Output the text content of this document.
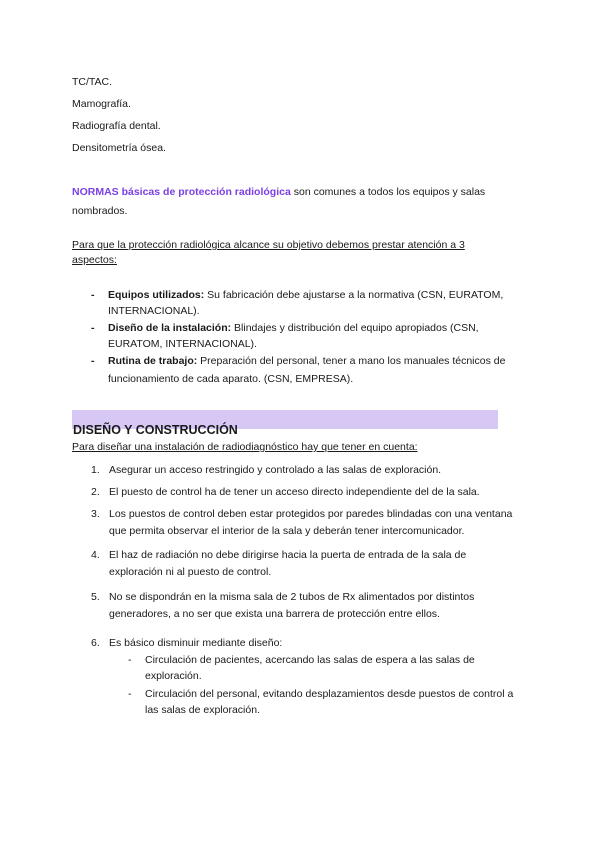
TC/TAC.

Mamografía.

Radiografía dental.

Densitometría ósea.

NORMAS básicas de protección radiológica son comunes a todos los equipos y salas

nombrados.

Para que la protección radiológica alcance su objetivo debemos prestar atención a 3

aspectos:

- Equipos utilizados: Su fabricación debe ajustarse a la normativa (CSN, EURATOM,

INTERNACIONAL).

- Diseño de la instalación: Blindajes y distribución del equipo apropiados (CSN,

EURATOM, INTERNACIONAL).

- Rutina de trabajo: Preparación del personal, tener a mano los manuales técnicos de

funcionamiento de cada aparato. (CSN, EMPRESA).

DISEÑO Y CONSTRUCCIÓN

Para diseñar una instalación de radiodiagnóstico hay que tener en cuenta:

1. Asegurar un acceso restringido y controlado a las salas de exploración.

2. El puesto de control ha de tener un acceso directo independiente del de la sala.

3. Los puestos de control deben estar protegidos por paredes blindadas con una ventana

que permita observar el interior de la sala y deberán tener intercomunicador.

4. El haz de radiación no debe dirigirse hacia la puerta de entrada de la sala de

exploración ni al puesto de control.

5. No se dispondrán en la misma sala de 2 tubos de Rx alimentados por distintos

generadores, a no ser que exista una barrera de protección entre ellos.

6. Es básico disminuir mediante diseño:

- Circulación de pacientes, acercando las salas de espera a las salas de

exploración.

- Circulación del personal, evitando desplazamientos desde puestos de control a

las salas de exploración.
